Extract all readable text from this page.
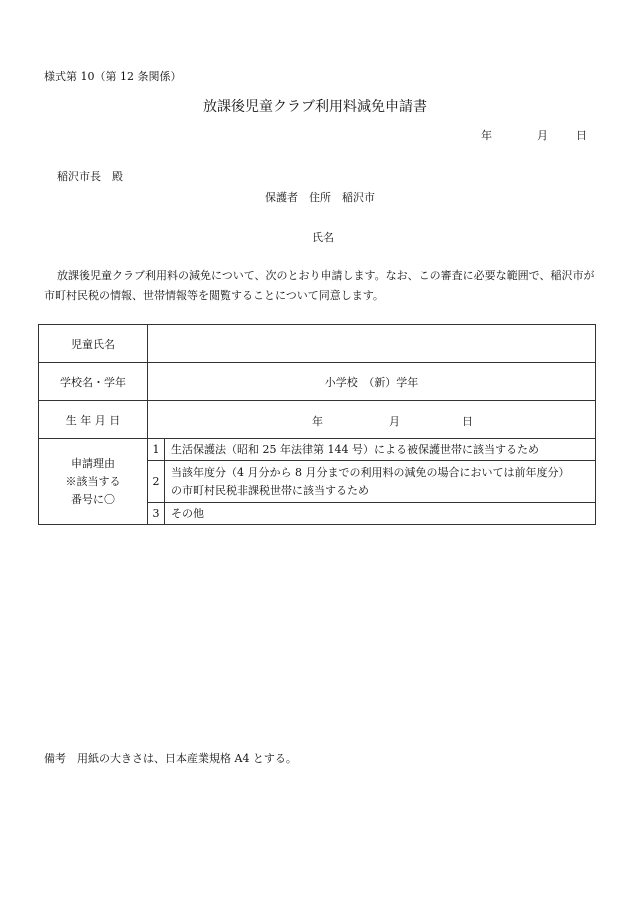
様式第 10（第 12 条関係）
放課後児童クラブ利用料減免申請書
年	月	日
稲沢市長　殿
保護者　住所　稲沢市
氏名
放課後児童クラブ利用料の減免について、次のとおり申請します。なお、この審査に必要な範囲で、稲沢市が市町村民税の情報、世帯情報等を閲覧することについて同意します。
児童氏名		
学校名・学年	小学校　（新）学年	
生 年 月 日	年 月 日	

申請理由
※該当する
番号に〇	1	生活保護法（昭和 25 年法律第 144 号）による被保護世帯に該当するため
	2	当該年度分（4 月分から 8 月分までの利用料の減免の場合においては前年度分）
の市町村民税非課税世帯に該当するため

	3	その他
備考　用紙の大きさは、日本産業規格 A4 とする。
